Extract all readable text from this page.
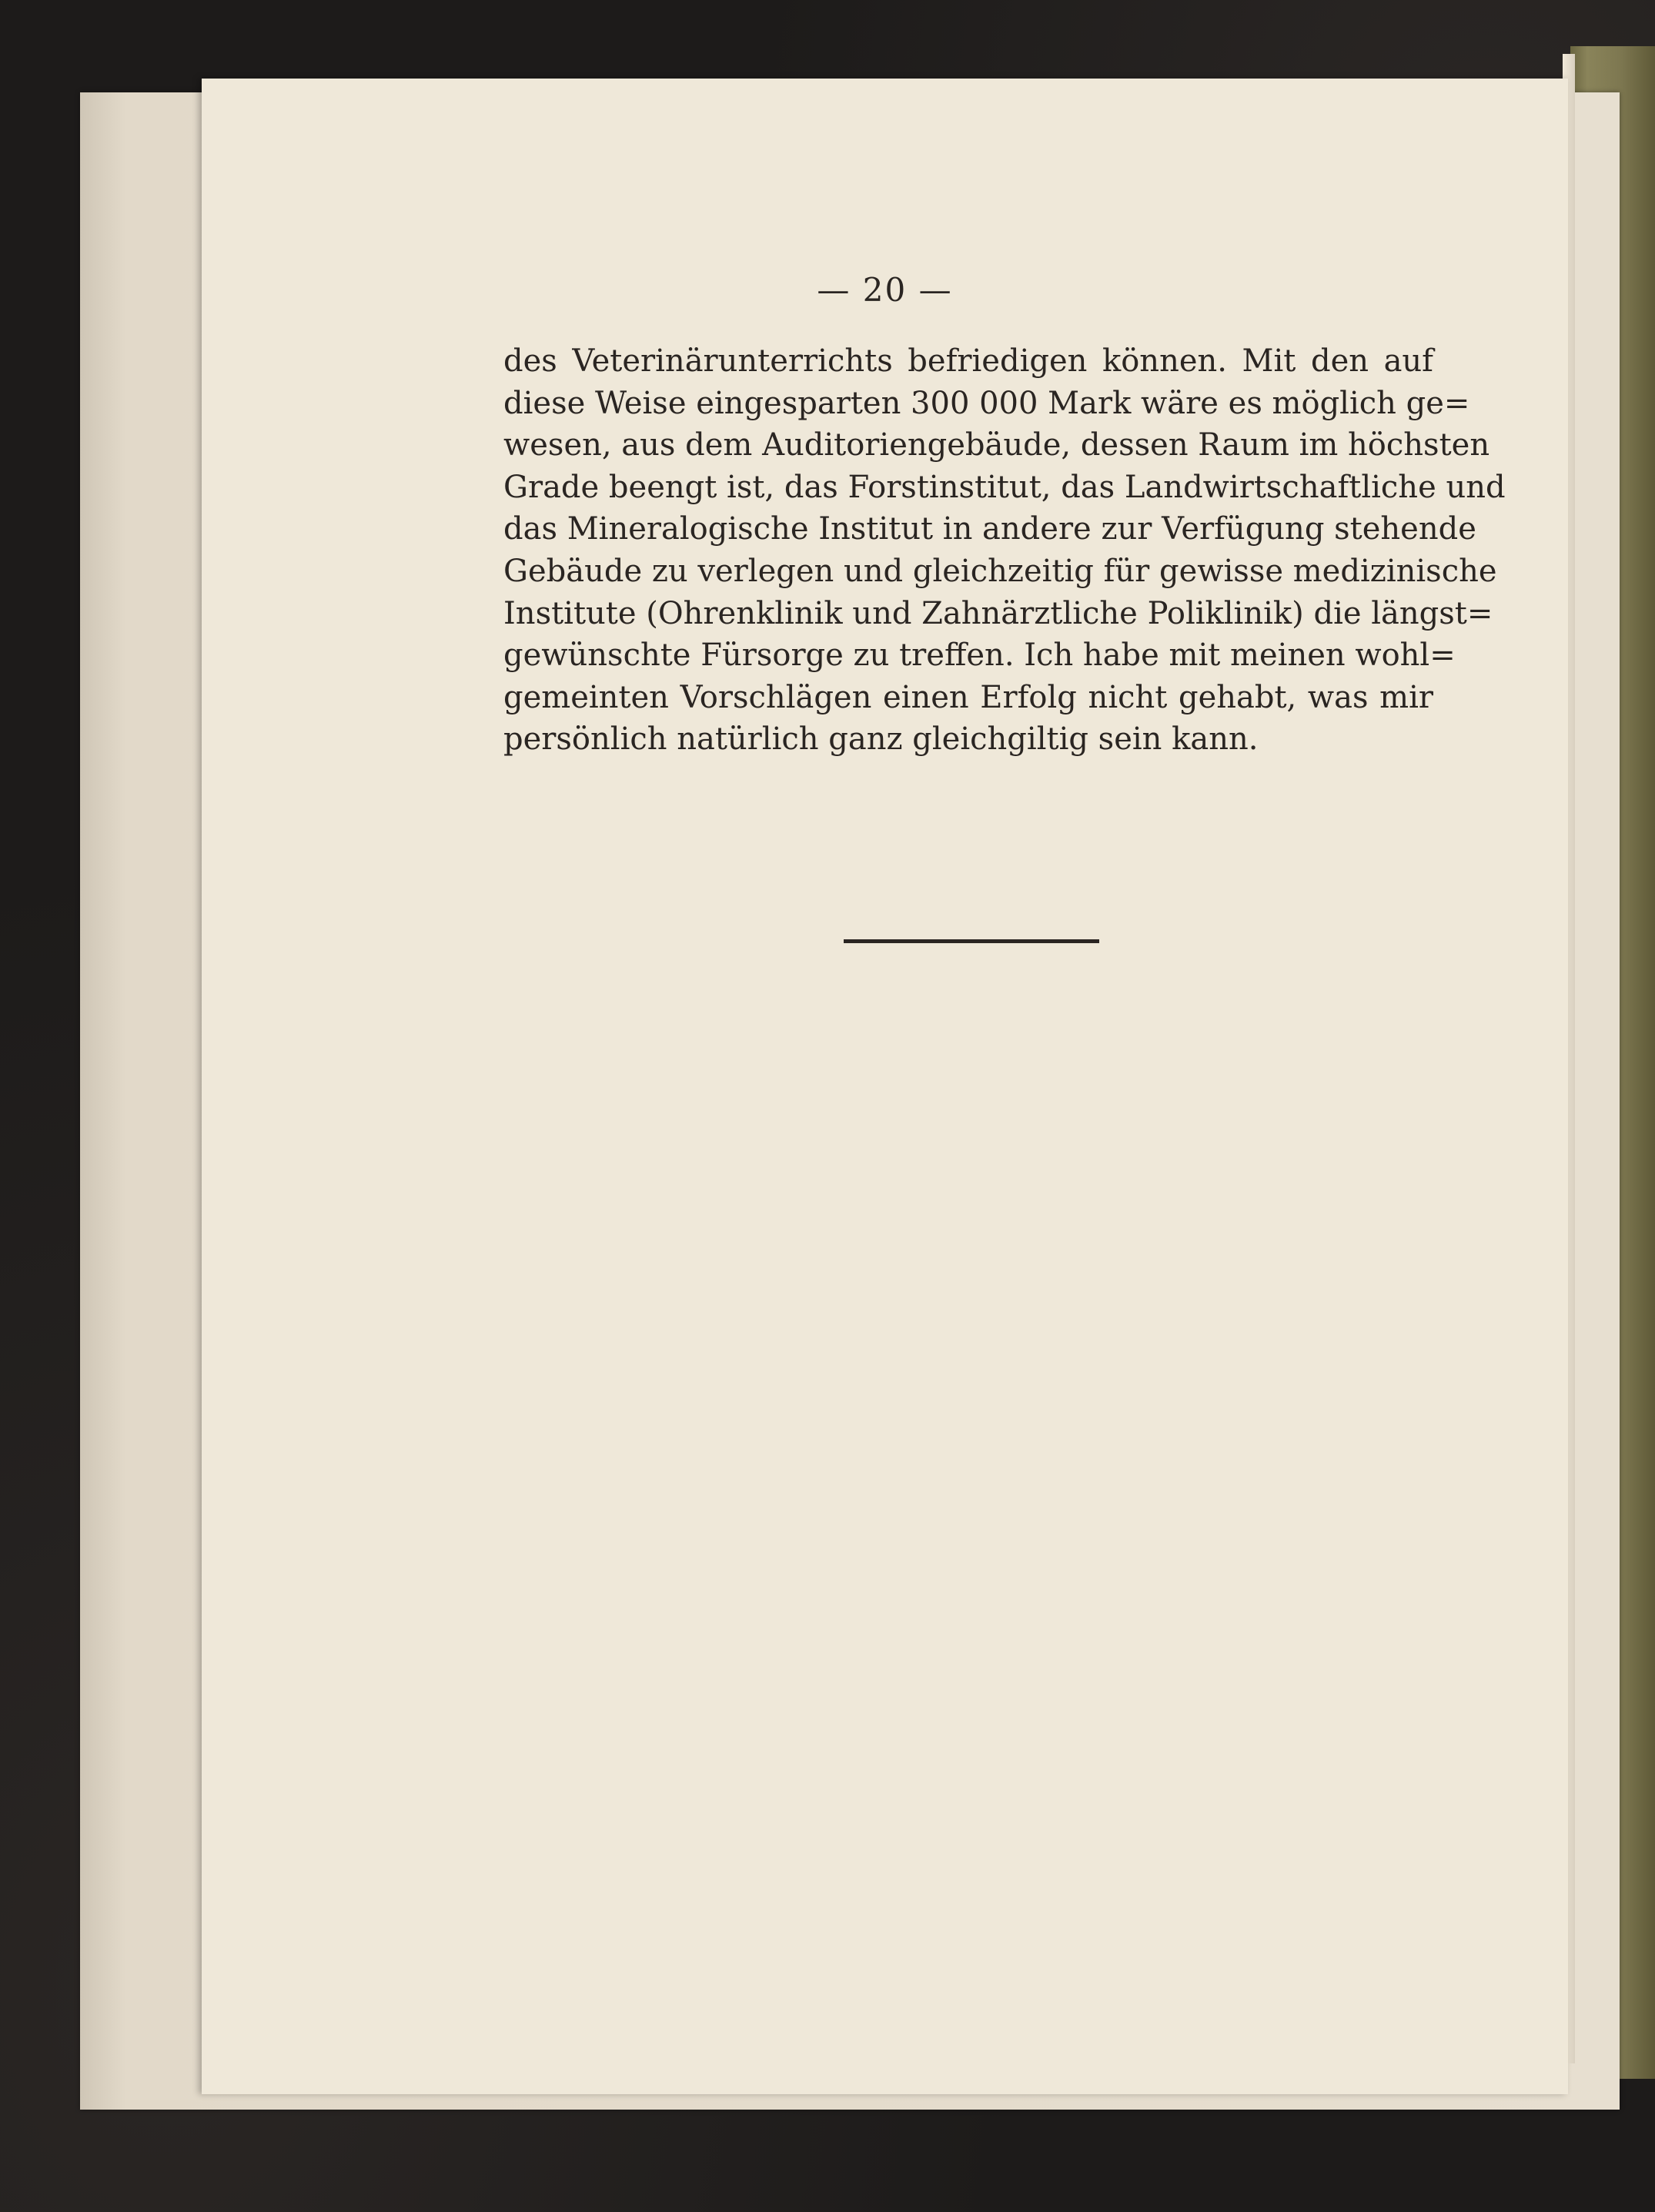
— 20 —
des Veterinärunterrichts befriedigen können. Mit den auf
diese Weise eingesparten 300 000 Mark wäre es möglich ge=
wesen, aus dem Auditoriengebäude, dessen Raum im höchsten
Grade beengt ist, das Forstinstitut, das Landwirtschaftliche und
das Mineralogische Institut in andere zur Verfügung stehende
Gebäude zu verlegen und gleichzeitig für gewisse medizinische
Institute (Ohrenklinik und Zahnärztliche Poliklinik) die längst=
gewünschte Fürsorge zu treffen. Ich habe mit meinen wohl=
gemeinten Vorschlägen einen Erfolg nicht gehabt, was mir
persönlich natürlich ganz gleichgiltig sein kann.
